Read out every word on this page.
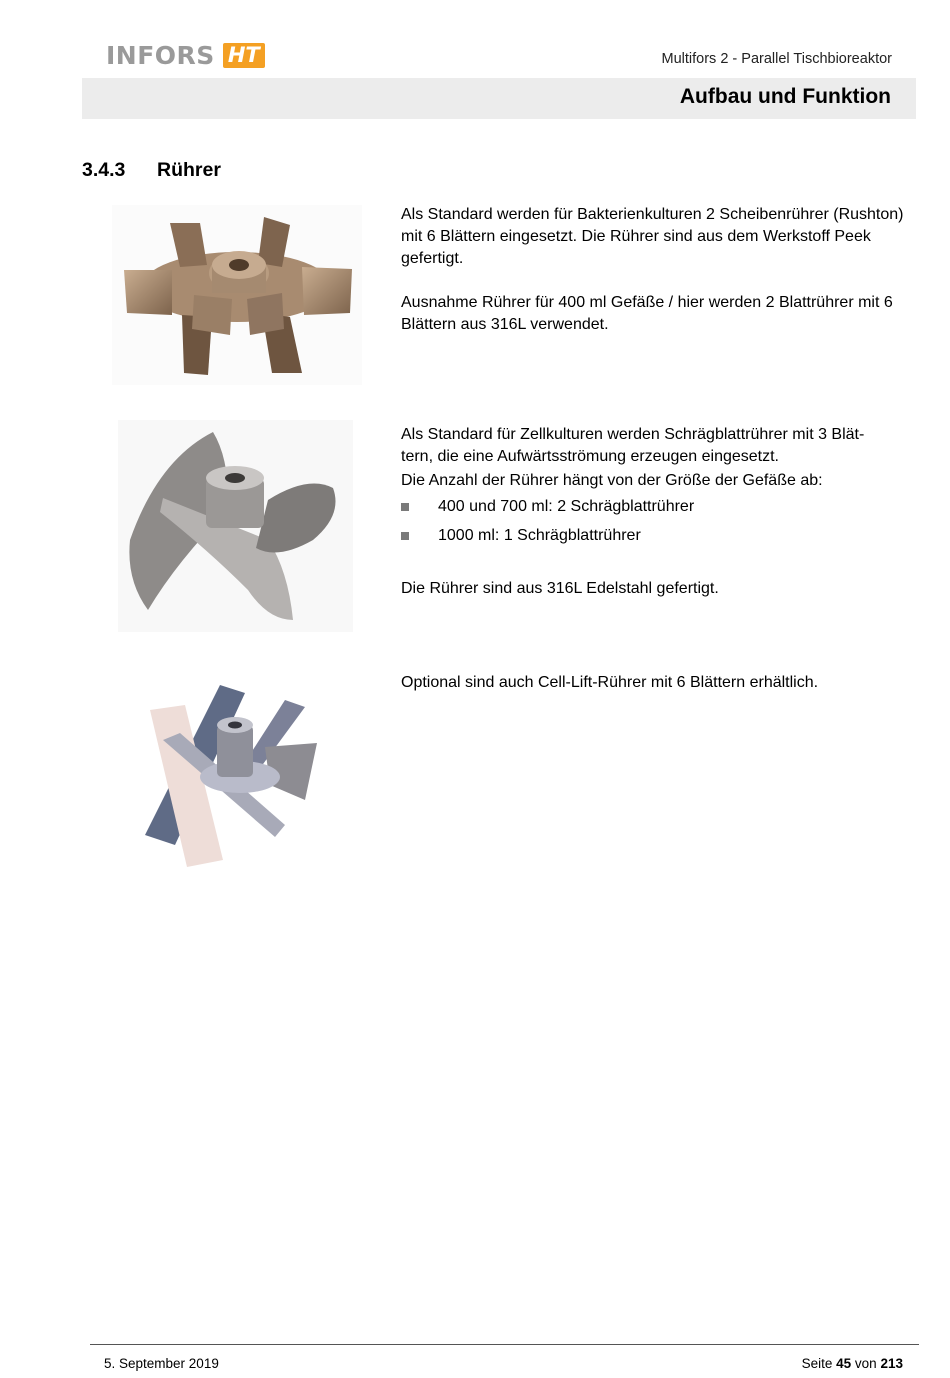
INFORS HT	Multifors 2 - Parallel Tischbioreaktor
Aufbau und Funktion
3.4.3 Rührer

Als Standard werden für Bakterienkulturen 2 Scheibenrührer (Rushton) mit 6 Blättern eingesetzt. Die Rührer sind aus dem Werkstoff Peek gefertigt.

Ausnahme Rührer für 400 ml Gefäße / hier werden 2 Blattrührer mit 6 Blättern aus 316L verwendet.

Als Standard für Zellkulturen werden Schrägblattrührer mit 3 Blät-

tern, die eine Aufwärtsströmung erzeugen eingesetzt.

Die Anzahl der Rührer hängt von der Größe der Gefäße ab:

400 und 700 ml: 2 Schrägblattrührer
1000 ml: 1 Schrägblattrührer
Die Rührer sind aus 316L Edelstahl gefertigt.
Optional sind auch Cell-Lift-Rührer mit 6 Blättern erhältlich.
5. September 2019	Seite 45 von 213
